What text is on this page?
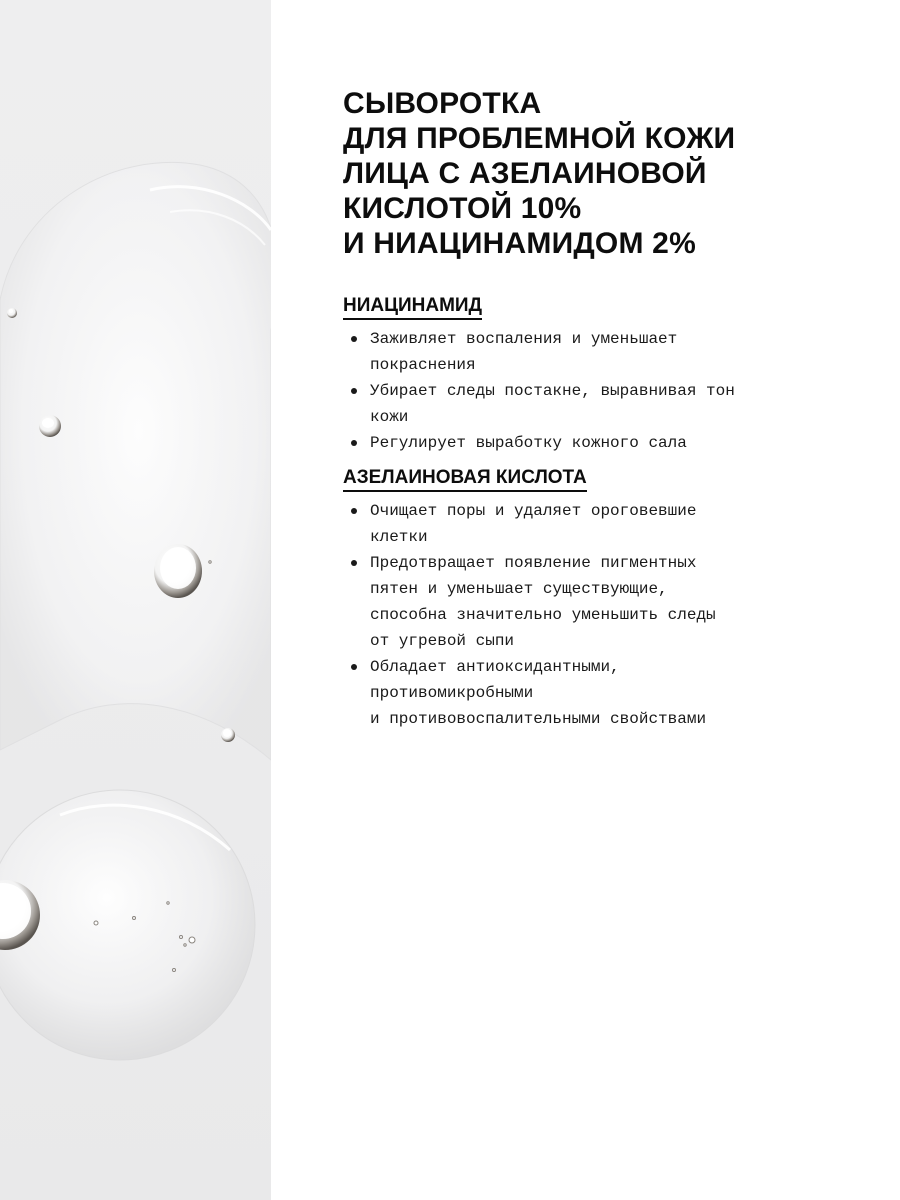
СЫВОРОТКА
ДЛЯ ПРОБЛЕМНОЙ КОЖИ
ЛИЦА С АЗЕЛАИНОВОЙ
КИСЛОТОЙ 10%
И НИАЦИНАМИДОМ 2%
НИАЦИНАМИД
Заживляет воспаления и уменьшает
покраснения
Убирает следы постакне, выравнивая тон
кожи
Регулирует выработку кожного сала
АЗЕЛАИНОВАЯ КИСЛОТА
Очищает поры и удаляет ороговевшие
клетки
Предотвращает появление пигментных
пятен и уменьшает существующие,
способна значительно уменьшить следы
от угревой сыпи
Обладает антиоксидантными,
противомикробными
и противовоспалительными свойствами
